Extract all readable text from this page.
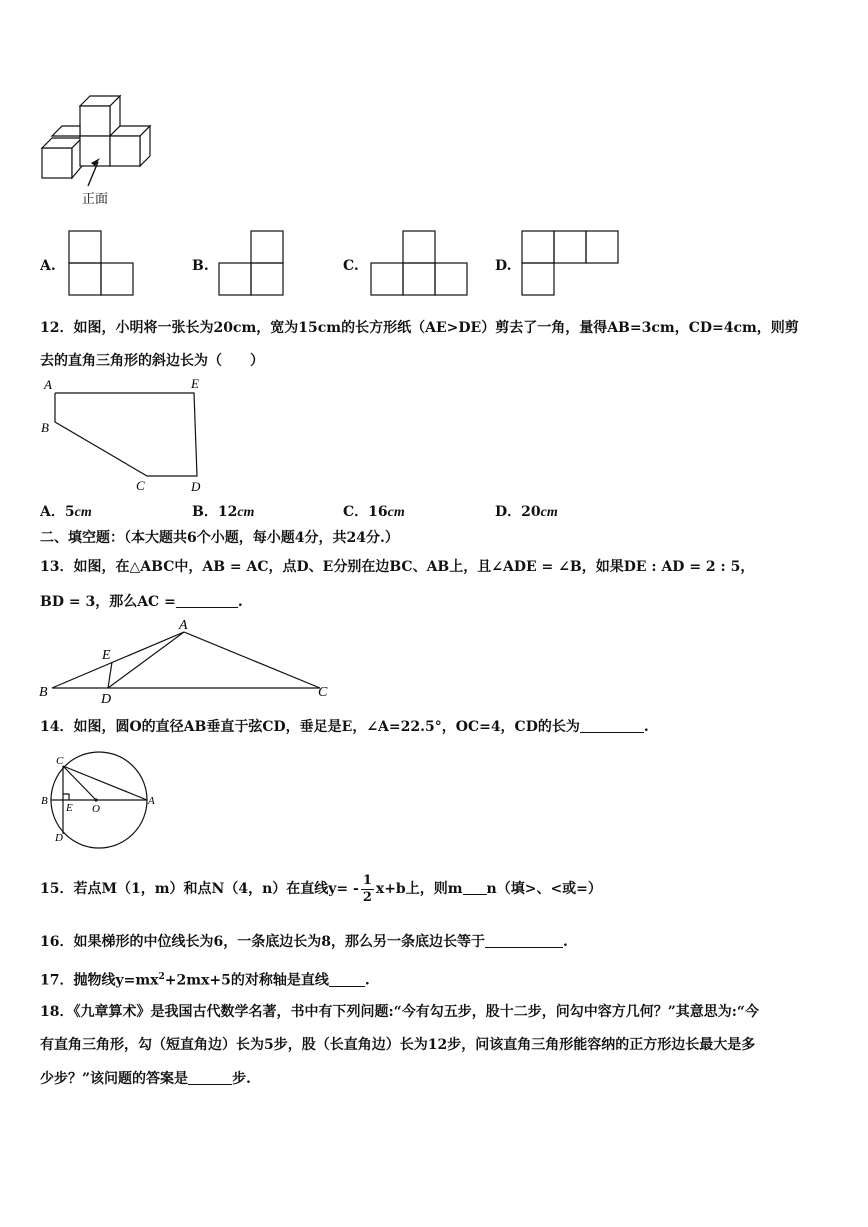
正面
A.	B.	C.	D.
12．如图，小明将一张长为20cm，宽为15cm的长方形纸（AE>DE）剪去了一角，量得AB=3cm，CD=4cm，则剪
去的直角三角形的斜边长为（　　）
A	E
B
C	D
A．5cm	B．12cm	C．16cm	D．20cm
二、填空题：（本大题共6个小题，每小题4分，共24分.）
13．如图，在△ABC中，AB = AC，点D、E分别在边BC、AB上，且∠ADE = ∠B，如果DE : AD = 2 : 5，
BD = 3，那么AC =	.
A
E
B	D	C
14．如图，圆O的直径AB垂直于弦CD，垂足是E，∠A=22.5°，OC=4，CD的长为	.
C
B
E O
A
D
15．若点M（1，m）和点N（4，n）在直线$y= - \frac{1}{2} x+b$上，则m n（填>、<或=）
16．如果梯形的中位线长为6，一条底边长为8，那么另一条底边长等于	.
17．抛物线$y=mx^2+2mx+5$的对称轴是直线	.
18．《九章算术》是我国古代数学名著，书中有下列问题:“今有勾五步，股十二步，问勾中容方几何？”其意思为:“今
有直角三角形，勾（短直角边）长为5步，股（长直角边）长为12步，问该直角三角形能容纳的正方形边长最大是多
少步？”该问题的答案是	步.
